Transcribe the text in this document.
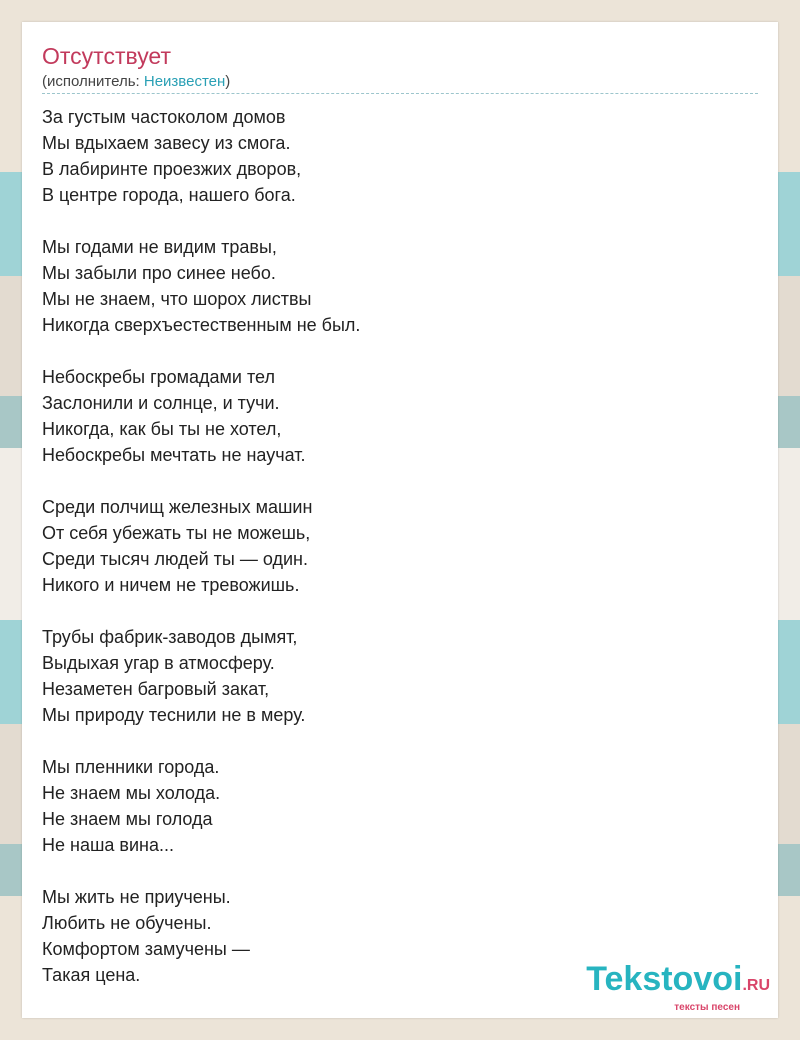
Отсутствует
(исполнитель: Неизвестен)
За густым частоколом домов
Мы вдыхаем завесу из смога.
В лабиринте проезжих дворов,
В центре города, нашего бога.
Мы годами не видим травы,
Мы забыли про синее небо.
Мы не знаем, что шорох листвы
Никогда сверхъестественным не был.
Небоскребы громадами тел
Заслонили и солнце, и тучи.
Никогда, как бы ты не хотел,
Небоскребы мечтать не научат.
Среди полчищ железных машин
От себя убежать ты не можешь,
Среди тысяч людей ты — один.
Никого и ничем не тревожишь.
Трубы фабрик-заводов дымят,
Выдыхая угар в атмосферу.
Незаметен багровый закат,
Мы природу теснили не в меру.
Мы пленники города.
Не знаем мы холода.
Не знаем мы голода
Не наша вина...
Мы жить не приучены.
Любить не обучены.
Комфортом замучены —
Такая цена.	Tekstovoi.RU
тексты песен
